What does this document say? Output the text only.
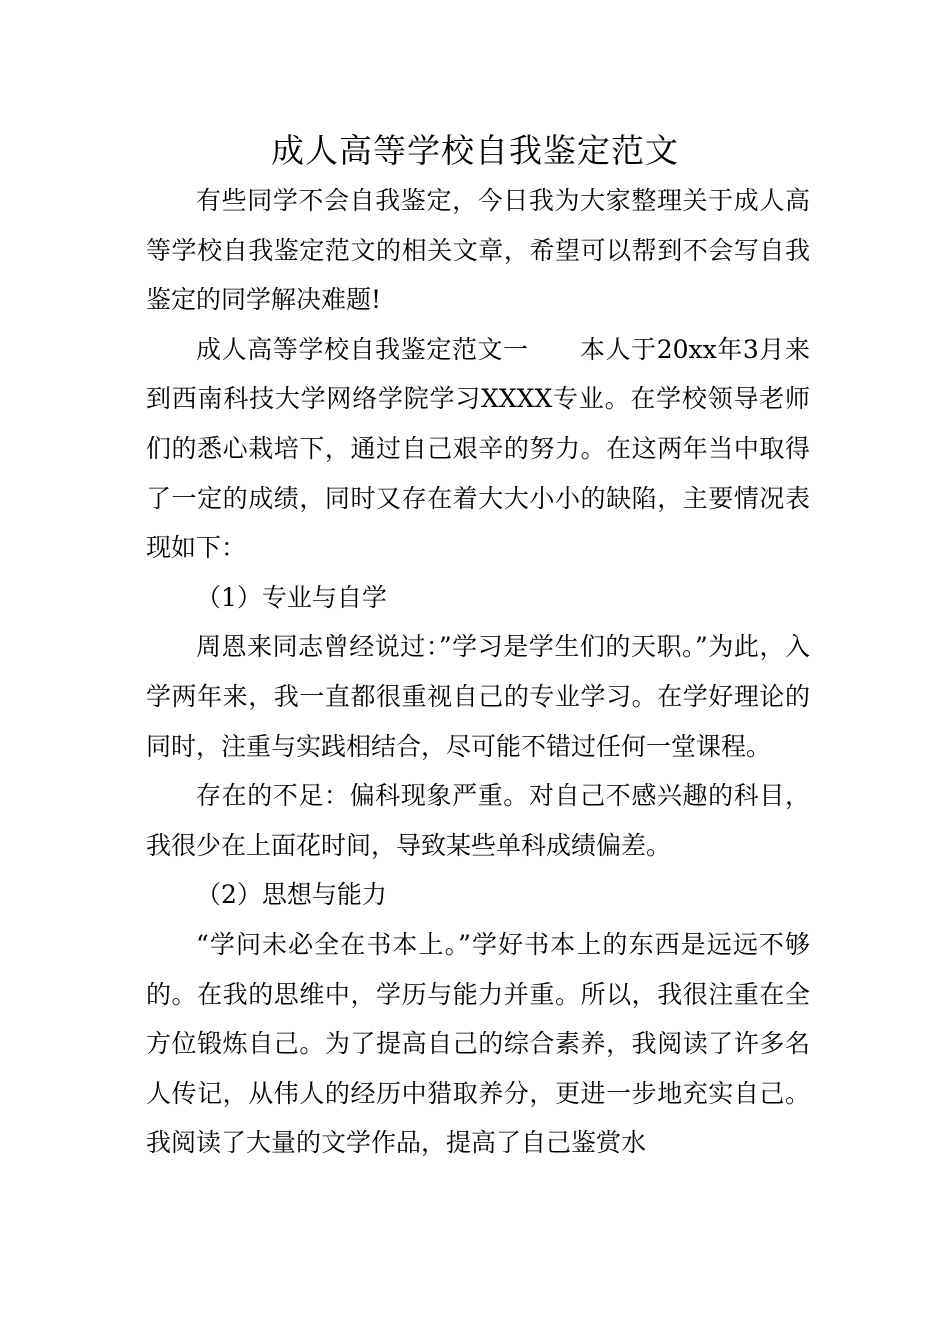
成人高等学校自我鉴定范文

有些同学不会自我鉴定，今日我为大家整理关于成人高等学校自我鉴定范文的相关文章，希望可以帮到不会写自我鉴定的同学解决难题!

成人高等学校自我鉴定范文一　　本人于20xx年3月来到西南科技大学网络学院学习XXXX专业。在学校领导老师们的悉心栽培下，通过自己艰辛的努力。在这两年当中取得了一定的成绩，同时又存在着大大小小的缺陷，主要情况表现如下：

（1）专业与自学

周恩来同志曾经说过：”学习是学生们的天职。”为此，入学两年来，我一直都很重视自己的专业学习。在学好理论的同时，注重与实践相结合，尽可能不错过任何一堂课程。

存在的不足：偏科现象严重。对自己不感兴趣的科目，我很少在上面花时间，导致某些单科成绩偏差。

（2）思想与能力

“学问未必全在书本上。”学好书本上的东西是远远不够的。在我的思维中，学历与能力并重。所以，我很注重在全方位锻炼自己。为了提高自己的综合素养，我阅读了许多名人传记，从伟人的经历中猎取养分，更进一步地充实自己。我阅读了大量的文学作品，提高了自己鉴赏水
